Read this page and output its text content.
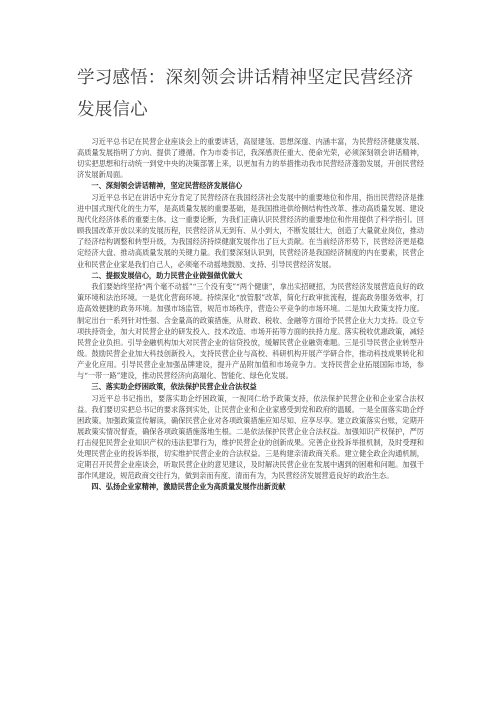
学习感悟：深刻领会讲话精神坚定民营经济发展信心

习近平总书记在民营企业座谈会上的重要讲话，高屋建瓴、思想深邃、内涵丰富，为民营经济健康发展、高质量发展指明了方向、提供了遵循。作为市委书记，我深感责任重大、使命光荣，必须深刻领会讲话精神，切实把思想和行动统一到党中央的决策部署上来，以更加有力的举措推动我市民营经济蓬勃发展，开创民营经济发展新局面。

一、深刻领会讲话精神，坚定民营经济发展信心

习近平总书记在讲话中充分肯定了民营经济在我国经济社会发展中的重要地位和作用，指出民营经济是推进中国式现代化的生力军，是高质量发展的重要基础，是我国推进供给侧结构性改革、推动高质量发展、建设现代化经济体系的重要主体。这一重要论断，为我们正确认识民营经济的重要地位和作用提供了科学指引。回顾我国改革开放以来的发展历程，民营经济从无到有、从小到大，不断发展壮大，创造了大量就业岗位，推动了经济结构调整和转型升级，为我国经济持续健康发展作出了巨大贡献。在当前经济形势下，民营经济更是稳定经济大盘、推动高质量发展的关键力量。我们要深刻认识到，民营经济是我国经济制度的内在要素，民营企业和民营企业家是我们自己人，必须毫不动摇地鼓励、支持、引导民营经济发展。

二、提振发展信心，助力民营企业做强做优做大

我们要始终坚持“两个毫不动摇”“三个没有变”“两个健康”，拿出实招硬招，为民营经济发展营造良好的政策环境和法治环境。一是优化营商环境。持续深化“放管服”改革，简化行政审批流程，提高政务服务效率，打造高效便捷的政务环境。加强市场监管，规范市场秩序，营造公平竞争的市场环境。二是加大政策支持力度。制定出台一系列针对性强、含金量高的政策措施，从财政、税收、金融等方面给予民营企业大力支持。设立专项扶持资金，加大对民营企业的研发投入、技术改造、市场开拓等方面的扶持力度。落实税收优惠政策，减轻民营企业负担。引导金融机构加大对民营企业的信贷投放，缓解民营企业融资难题。三是引导民营企业转型升级。鼓励民营企业加大科技创新投入，支持民营企业与高校、科研机构开展产学研合作，推动科技成果转化和产业化应用。引导民营企业加强品牌建设，提升产品附加值和市场竞争力。支持民营企业拓展国际市场，参与“一带一路”建设，推动民营经济向高端化、智能化、绿色化发展。

三、落实助企纾困政策，依法保护民营企业合法权益

习近平总书记指出，要落实助企纾困政策，一视同仁给予政策支持，依法保护民营企业和企业家合法权益。我们要切实把总书记的要求落到实处，让民营企业和企业家感受到党和政府的温暖。一是全面落实助企纾困政策。加强政策宣传解读，确保民营企业对各项政策措施应知尽知、应享尽享。建立政策落实台账，定期开展政策实情况督查，确保各项政策措施落地生根。二是依法保护民营企业合法权益。加强知识产权保护，严厉打击侵犯民营企业知识产权的违法犯罪行为，维护民营企业的创新成果。完善企业投诉举报机制，及时受理和处理民营企业的投诉举报，切实维护民营企业的合法权益。三是构建亲清政商关系。建立健全政企沟通机制，定期召开民营企业座谈会，听取民营企业的意见建议，及时解决民营企业在发展中遇到的困难和问题。加强干部作风建设，规范政商交往行为，做到亲而有度、清而有为，为民营经济发展营造良好的政治生态。

四、弘扬企业家精神，激励民营企业为高质量发展作出新贡献
